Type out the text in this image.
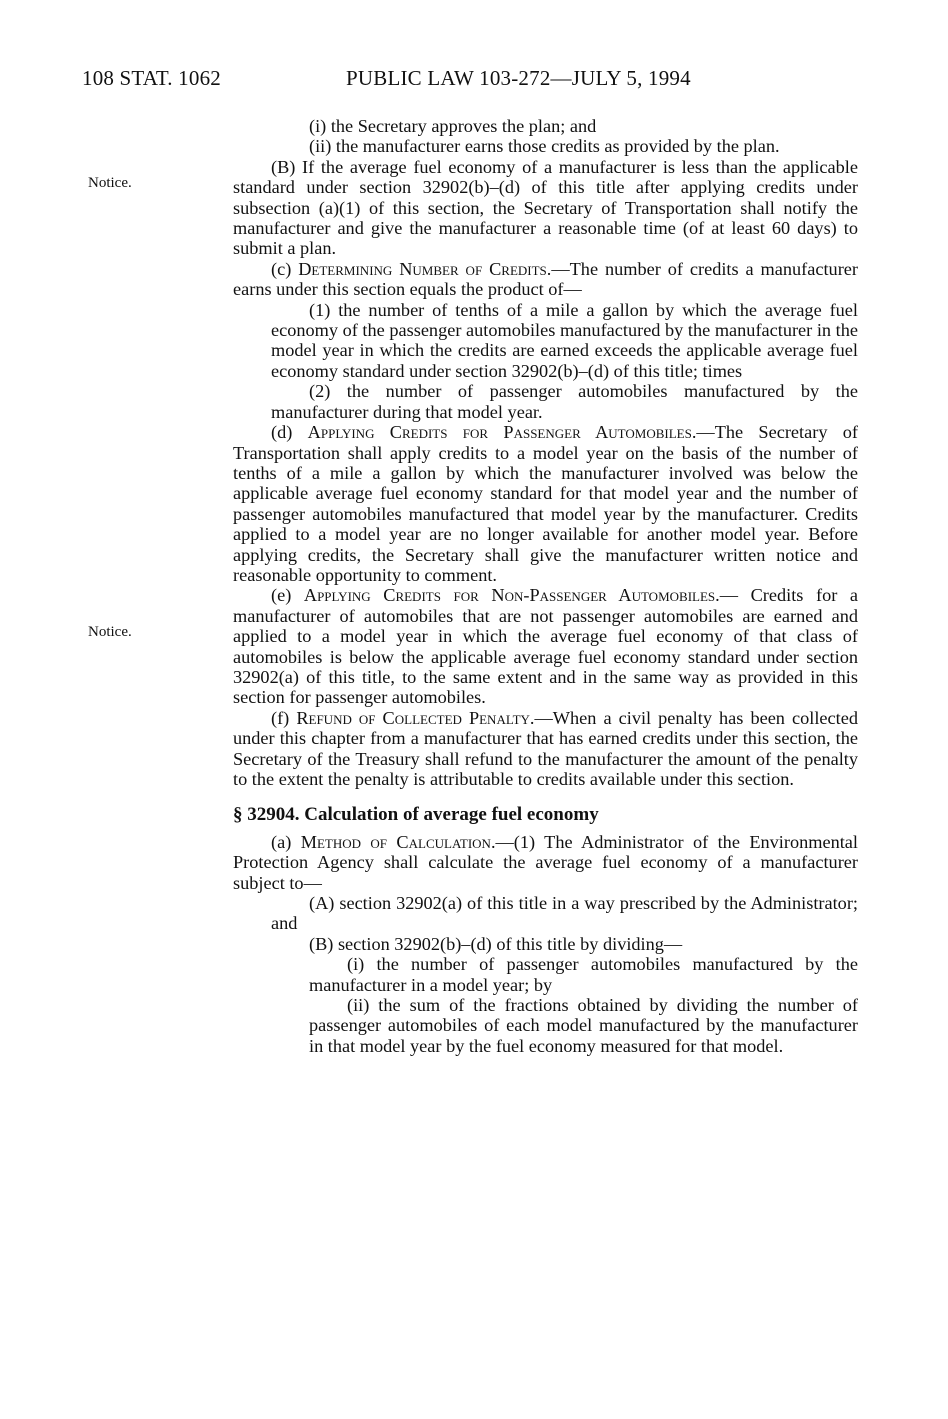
108 STAT. 1062	PUBLIC LAW 103-272—JULY 5, 1994
Notice.
Notice.

(i) the Secretary approves the plan; and

(ii) the manufacturer earns those credits as provided by the plan.

(B) If the average fuel economy of a manufacturer is less than the applicable standard under section 32902(b)–(d) of this title after applying credits under subsection (a)(1) of this section, the Secretary of Transportation shall notify the manufacturer and give the manufacturer a reasonable time (of at least 60 days) to submit a plan.

(c) Determining Number of Credits.—The number of credits a manufacturer earns under this section equals the product of—

(1) the number of tenths of a mile a gallon by which the average fuel economy of the passenger automobiles manufactured by the manufacturer in the model year in which the credits are earned exceeds the applicable average fuel economy standard under section 32902(b)–(d) of this title; times

(2) the number of passenger automobiles manufactured by the manufacturer during that model year.

(d) Applying Credits for Passenger Automobiles.—The Secretary of Transportation shall apply credits to a model year on the basis of the number of tenths of a mile a gallon by which the manufacturer involved was below the applicable average fuel economy standard for that model year and the number of passenger automobiles manufactured that model year by the manufacturer. Credits applied to a model year are no longer available for another model year. Before applying credits, the Secretary shall give the manufacturer written notice and reasonable opportunity to comment.

(e) Applying Credits for Non-Passenger Automobiles.— Credits for a manufacturer of automobiles that are not passenger automobiles are earned and applied to a model year in which the average fuel economy of that class of automobiles is below the applicable average fuel economy standard under section 32902(a) of this title, to the same extent and in the same way as provided in this section for passenger automobiles.

(f) Refund of Collected Penalty.—When a civil penalty has been collected under this chapter from a manufacturer that has earned credits under this section, the Secretary of the Treasury shall refund to the manufacturer the amount of the penalty to the extent the penalty is attributable to credits available under this section.

§ 32904. Calculation of average fuel economy

(a) Method of Calculation.—(1) The Administrator of the Environmental Protection Agency shall calculate the average fuel economy of a manufacturer subject to—

(A) section 32902(a) of this title in a way prescribed by the Administrator; and

(B) section 32902(b)–(d) of this title by dividing—

(i) the number of passenger automobiles manufactured by the manufacturer in a model year; by

(ii) the sum of the fractions obtained by dividing the number of passenger automobiles of each model manufactured by the manufacturer in that model year by the fuel economy measured for that model.
